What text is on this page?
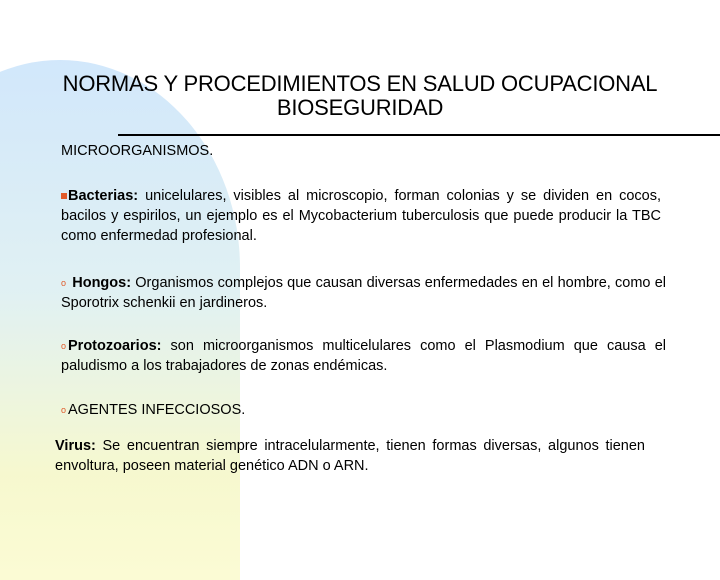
NORMAS Y PROCEDIMIENTOS EN SALUD OCUPACIONAL
BIOSEGURIDAD
MICROORGANISMOS.
Bacterias: unicelulares, visibles al microscopio, forman colonias y se dividen en cocos, bacilos y espirilos, un ejemplo es el Mycobacterium tuberculosis que puede producir la TBC como enfermedad profesional.
o Hongos: Organismos complejos que causan diversas enfermedades en el hombre, como el Sporotrix schenkii en jardineros.
o Protozoarios: son microorganismos multicelulares como el Plasmodium que causa el paludismo a los trabajadores de zonas endémicas.
o AGENTES INFECCIOSOS.
Virus: Se encuentran siempre intracelularmente, tienen formas diversas, algunos tienen envoltura, poseen material genético ADN o ARN.
